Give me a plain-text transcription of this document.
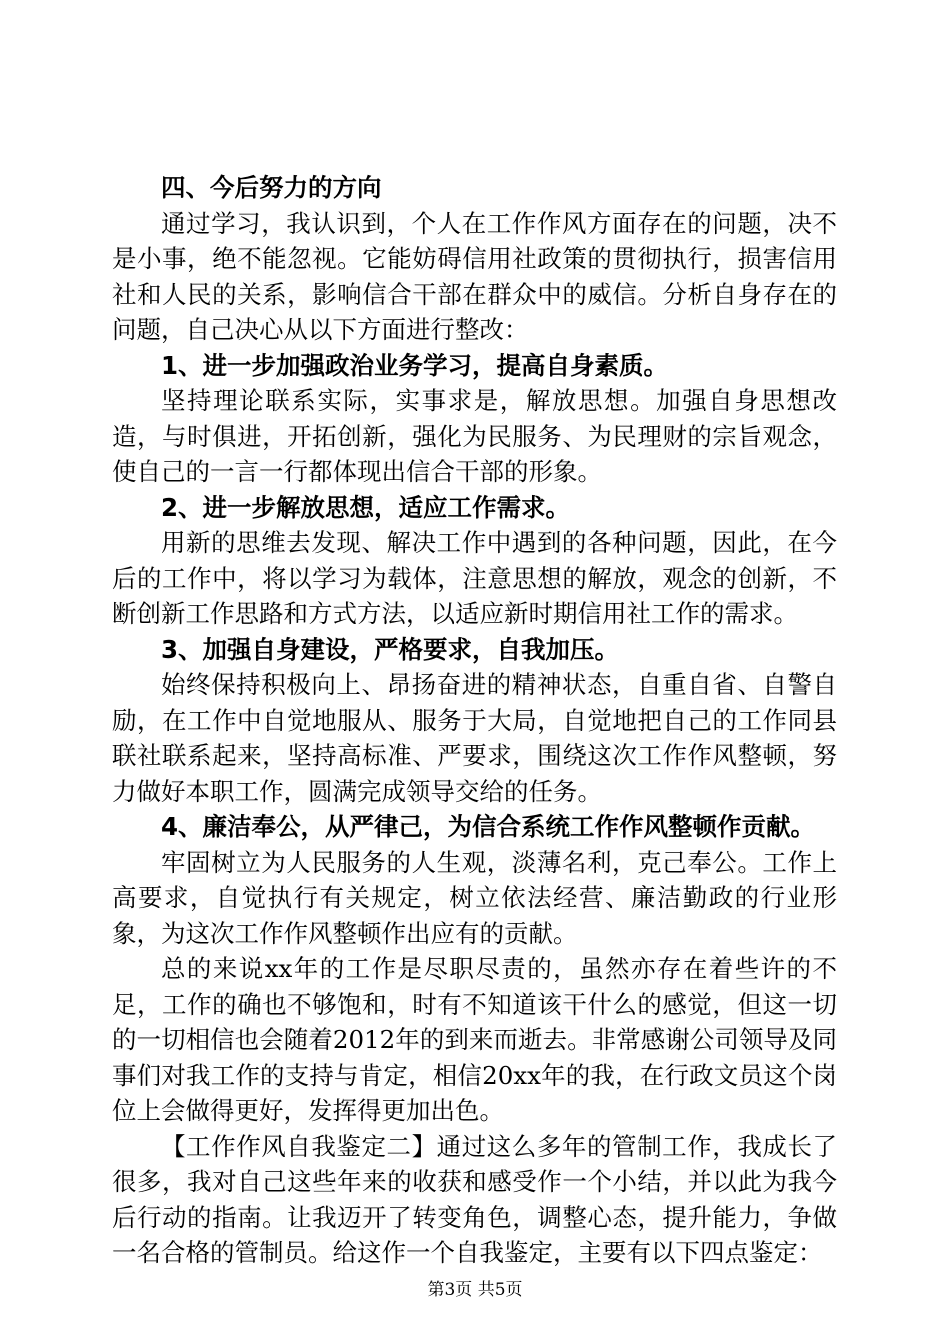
四、今后努力的方向

通过学习，我认识到，个人在工作作风方面存在的问题，决不是小事，绝不能忽视。它能妨碍信用社政策的贯彻执行，损害信用社和人民的关系，影响信合干部在群众中的威信。分析自身存在的问题，自己决心从以下方面进行整改：

1、进一步加强政治业务学习，提高自身素质。

坚持理论联系实际，实事求是，解放思想。加强自身思想改造，与时俱进，开拓创新，强化为民服务、为民理财的宗旨观念，使自己的一言一行都体现出信合干部的形象。

2、进一步解放思想，适应工作需求。

用新的思维去发现、解决工作中遇到的各种问题，因此，在今后的工作中，将以学习为载体，注意思想的解放，观念的创新，不断创新工作思路和方式方法，以适应新时期信用社工作的需求。

3、加强自身建设，严格要求，自我加压。

始终保持积极向上、昂扬奋进的精神状态，自重自省、自警自励，在工作中自觉地服从、服务于大局，自觉地把自己的工作同县联社联系起来，坚持高标准、严要求，围绕这次工作作风整顿，努力做好本职工作，圆满完成领导交给的任务。

4、廉洁奉公，从严律己，为信合系统工作作风整顿作贡献。

牢固树立为人民服务的人生观，淡薄名利，克己奉公。工作上高要求，自觉执行有关规定，树立依法经营、廉洁勤政的行业形象，为这次工作作风整顿作出应有的贡献。

总的来说xx年的工作是尽职尽责的，虽然亦存在着些许的不足，工作的确也不够饱和，时有不知道该干什么的感觉，但这一切的一切相信也会随着2012年的到来而逝去。非常感谢公司领导及同事们对我工作的支持与肯定，相信20xx年的我，在行政文员这个岗位上会做得更好，发挥得更加出色。

【工作作风自我鉴定二】通过这么多年的管制工作，我成长了很多，我对自己这些年来的收获和感受作一个小结，并以此为我今后行动的指南。让我迈开了转变角色，调整心态，提升能力，争做一名合格的管制员。给这作一个自我鉴定，主要有以下四点鉴定：

第3页 共5页
